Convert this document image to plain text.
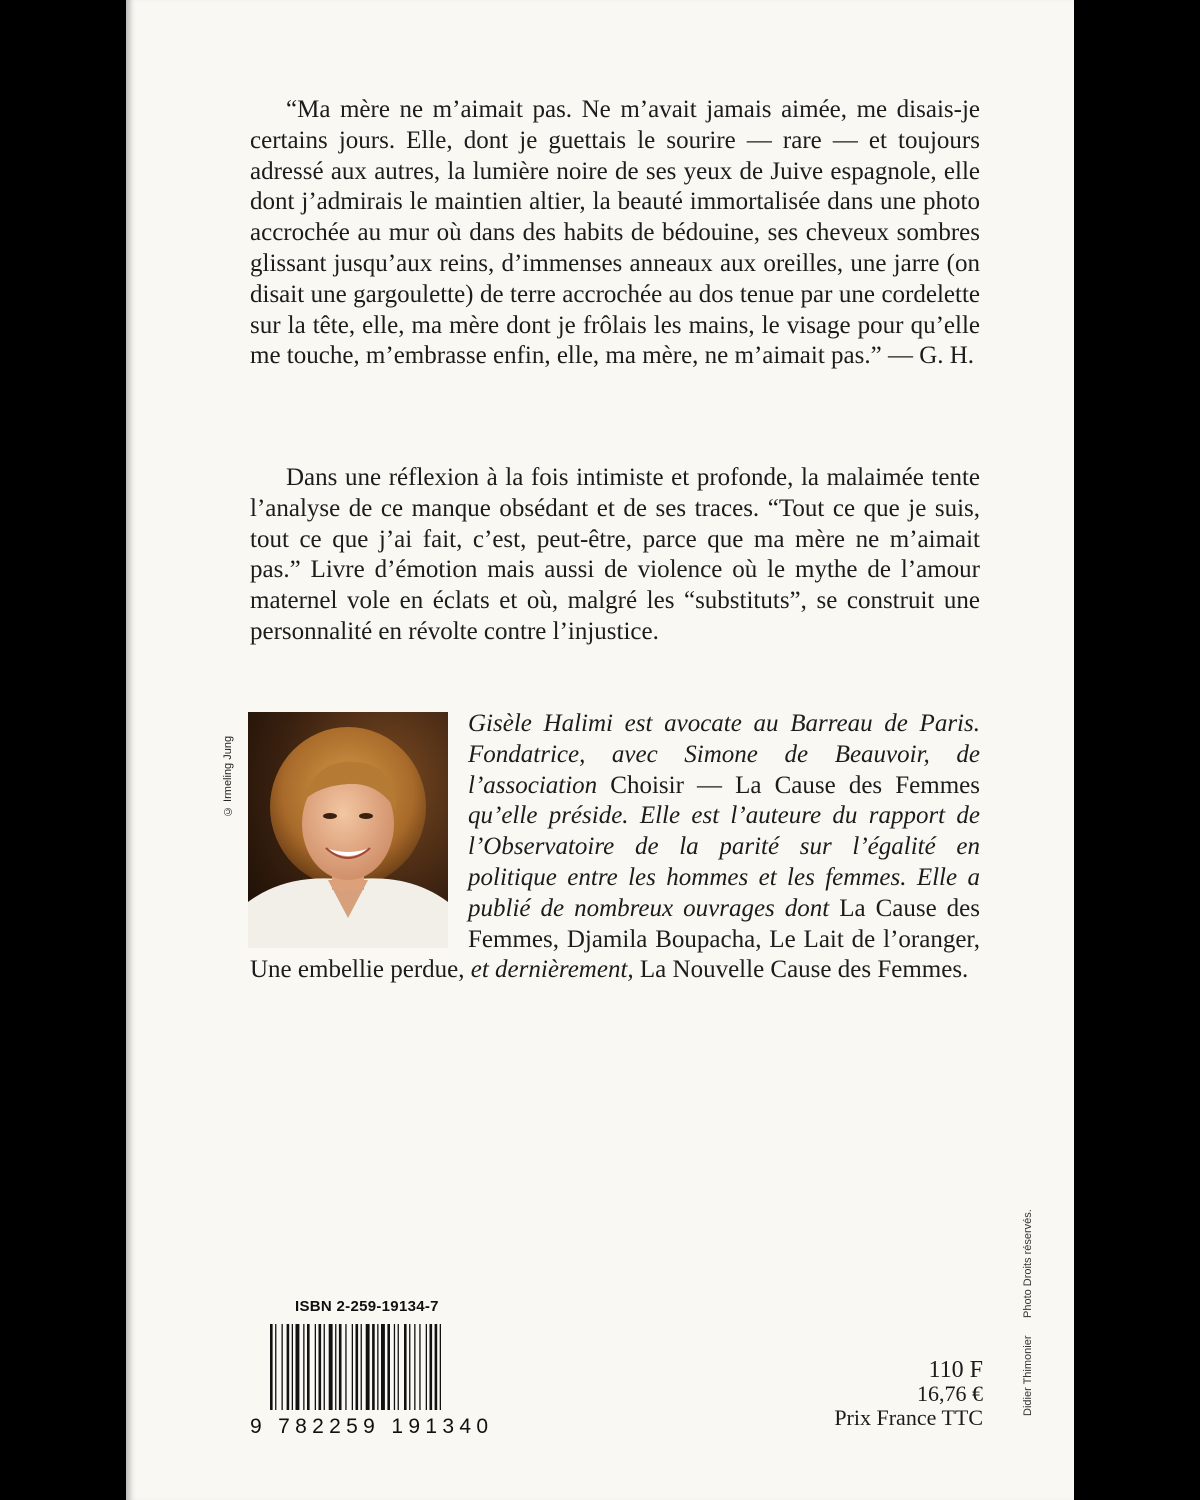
“Ma mère ne m’aimait pas. Ne m’avait jamais aimée, me disais-je certains jours. Elle, dont je guettais le sourire — rare — et toujours adressé aux autres, la lumière noire de ses yeux de Juive espagnole, elle dont j’admirais le maintien altier, la beauté immortalisée dans une photo accrochée au mur où dans des habits de bédouine, ses cheveux sombres glissant jusqu’aux reins, d’immenses anneaux aux oreilles, une jarre (on disait une gargoulette) de terre accrochée au dos tenue par une cordelette sur la tête, elle, ma mère dont je frôlais les mains, le visage pour qu’elle me touche, m’embrasse enfin, elle, ma mère, ne m’aimait pas.” — G. H.

Dans une réflexion à la fois intimiste et profonde, la malaimée tente l’analyse de ce manque obsédant et de ses traces. “Tout ce que je suis, tout ce que j’ai fait, c’est, peut-être, parce que ma mère ne m’aimait pas.” Livre d’émotion mais aussi de violence où le mythe de l’amour maternel vole en éclats et où, malgré les “substituts”, se construit une personnalité en révolte contre l’injustice.

© Irmeling Jung

Gisèle Halimi est avocate au Barreau de Paris. Fondatrice, avec Simone de Beauvoir, de l’association Choisir — La Cause des Femmes qu’elle préside. Elle est l’auteure du rapport de l’Observatoire de la parité sur l’égalité en politique entre les hommes et les femmes. Elle a publié de nombreux ouvrages dont La Cause des Femmes, Djamila Boupacha, Le Lait de l’oranger, Une embellie perdue, et dernièrement, La Nouvelle Cause des Femmes.

ISBN 2-259-19134-7
9 782259 191340
110 F
16,76 €
Prix France TTC
Didier Thimonier Photo Droits réservés.
